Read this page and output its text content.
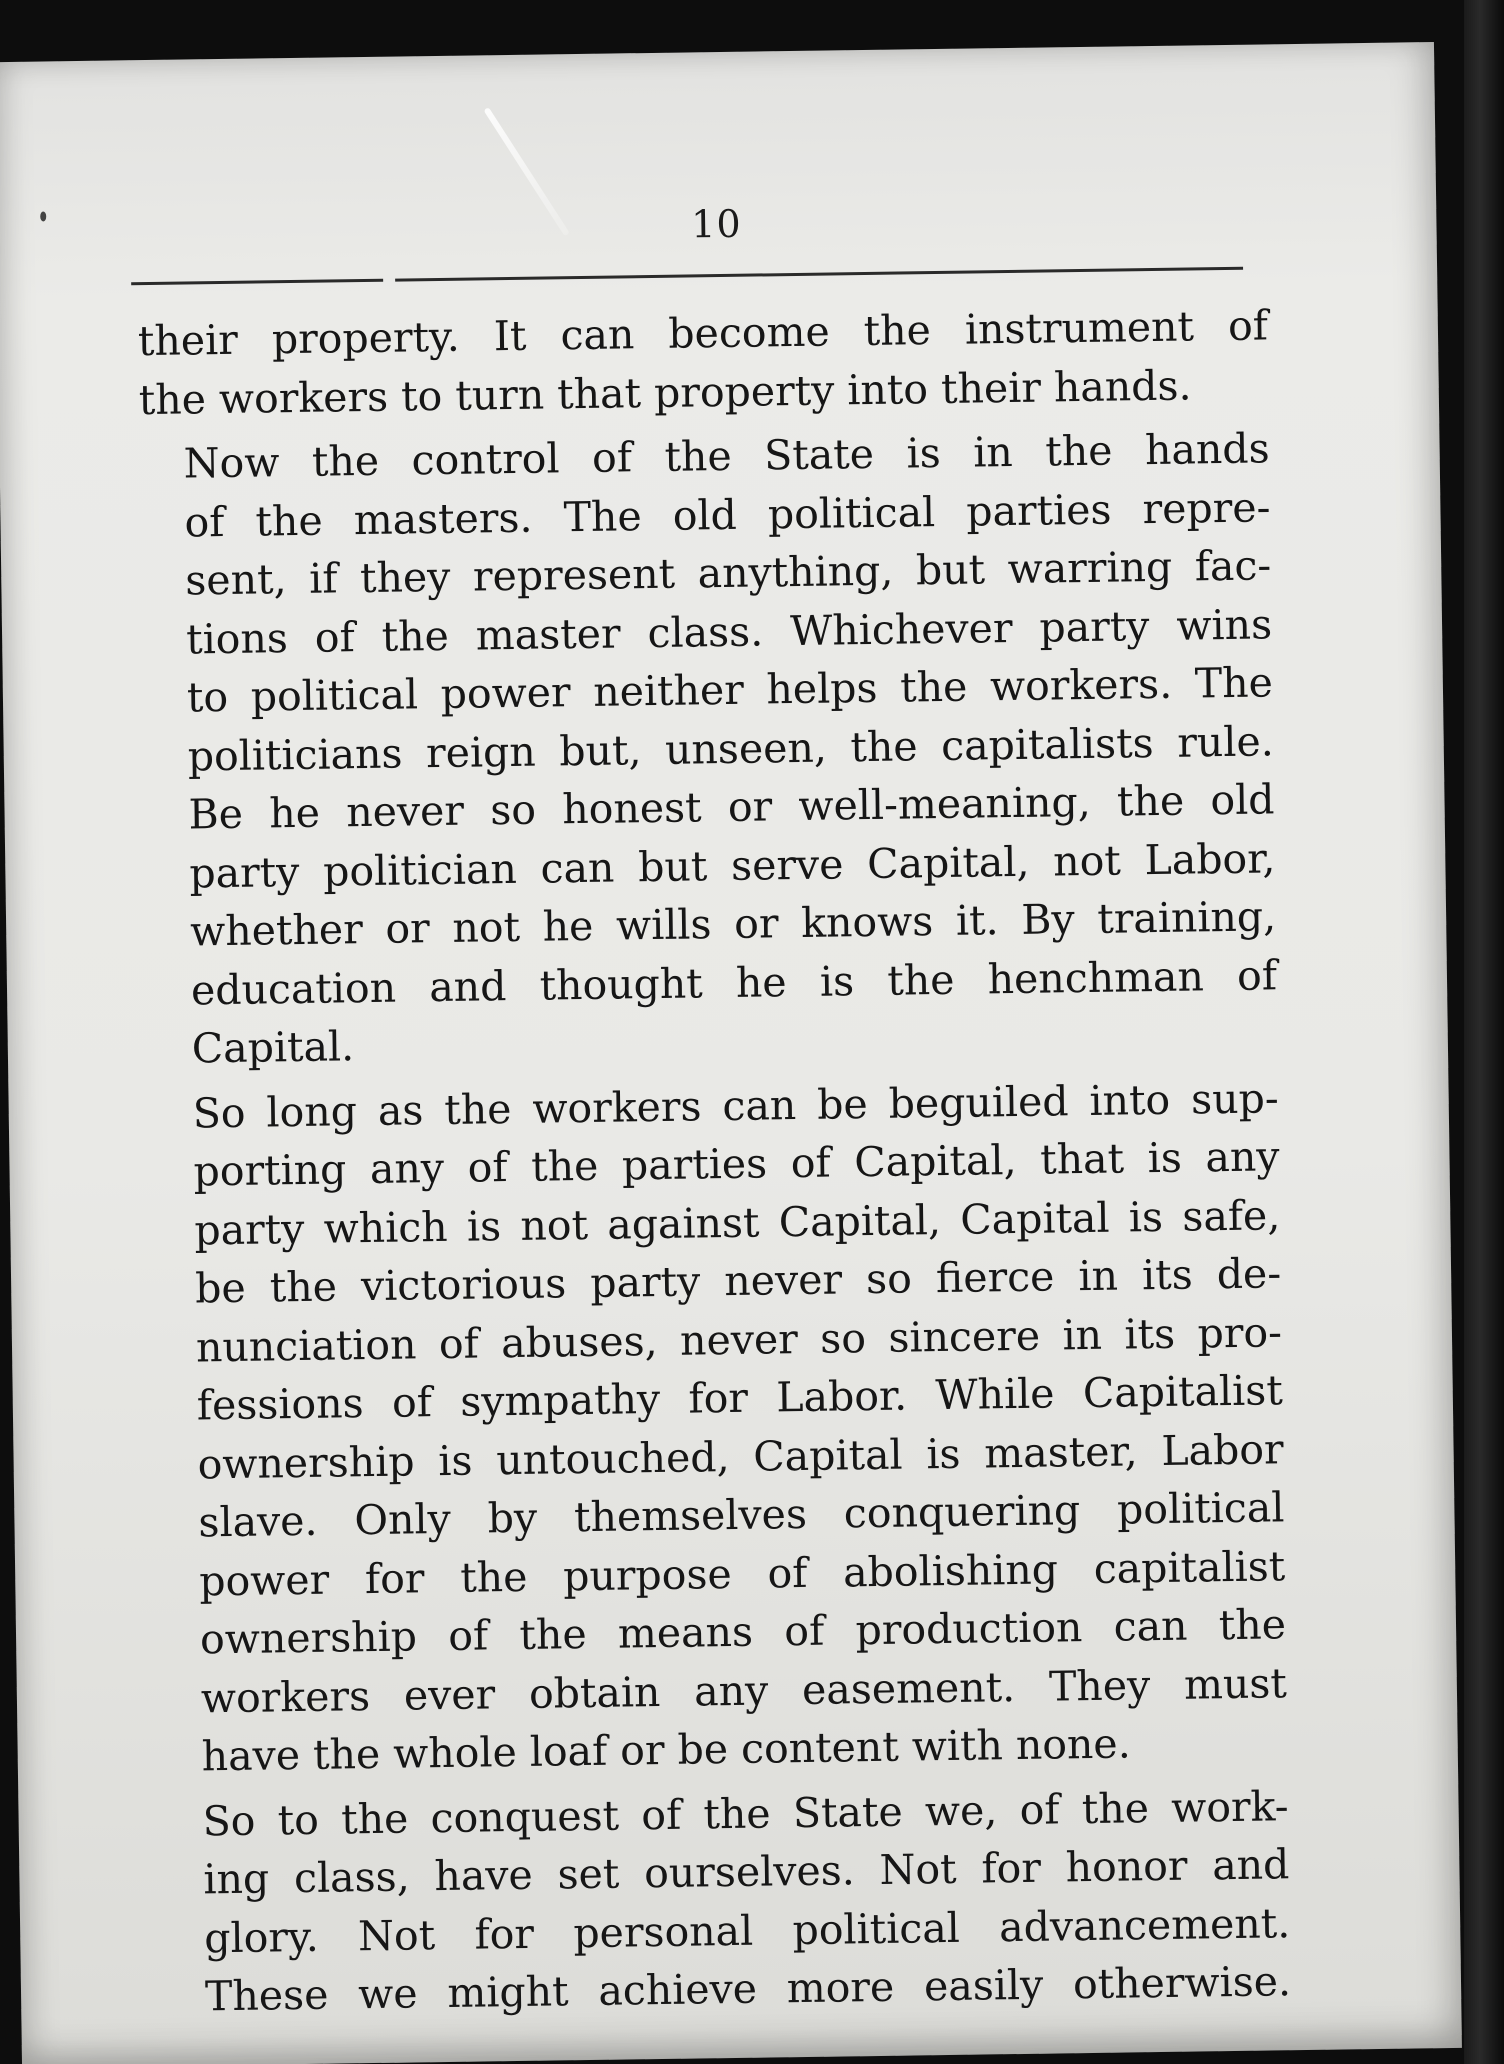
10

their property. It can become the instrument of
the workers to turn that property into their hands.

Now the control of the State is in the hands
of the masters. The old political parties repre-
sent, if they represent anything, but warring fac-
tions of the master class. Whichever party wins
to political power neither helps the workers. The
politicians reign but, unseen, the capitalists rule.
Be he never so honest or well-meaning, the old
party politician can but serve Capital, not Labor,
whether or not he wills or knows it. By training,
education and thought he is the henchman of
Capital.

So long as the workers can be beguiled into sup-
porting any of the parties of Capital, that is any
party which is not against Capital, Capital is safe,
be the victorious party never so fierce in its de-
nunciation of abuses, never so sincere in its pro-
fessions of sympathy for Labor. While Capitalist
ownership is untouched, Capital is master, Labor
slave. Only by themselves conquering political
power for the purpose of abolishing capitalist
ownership of the means of production can the
workers ever obtain any easement. They must
have the whole loaf or be content with none.

So to the conquest of the State we, of the work-
ing class, have set ourselves. Not for honor and
glory. Not for personal political advancement.
These we might achieve more easily otherwise.
